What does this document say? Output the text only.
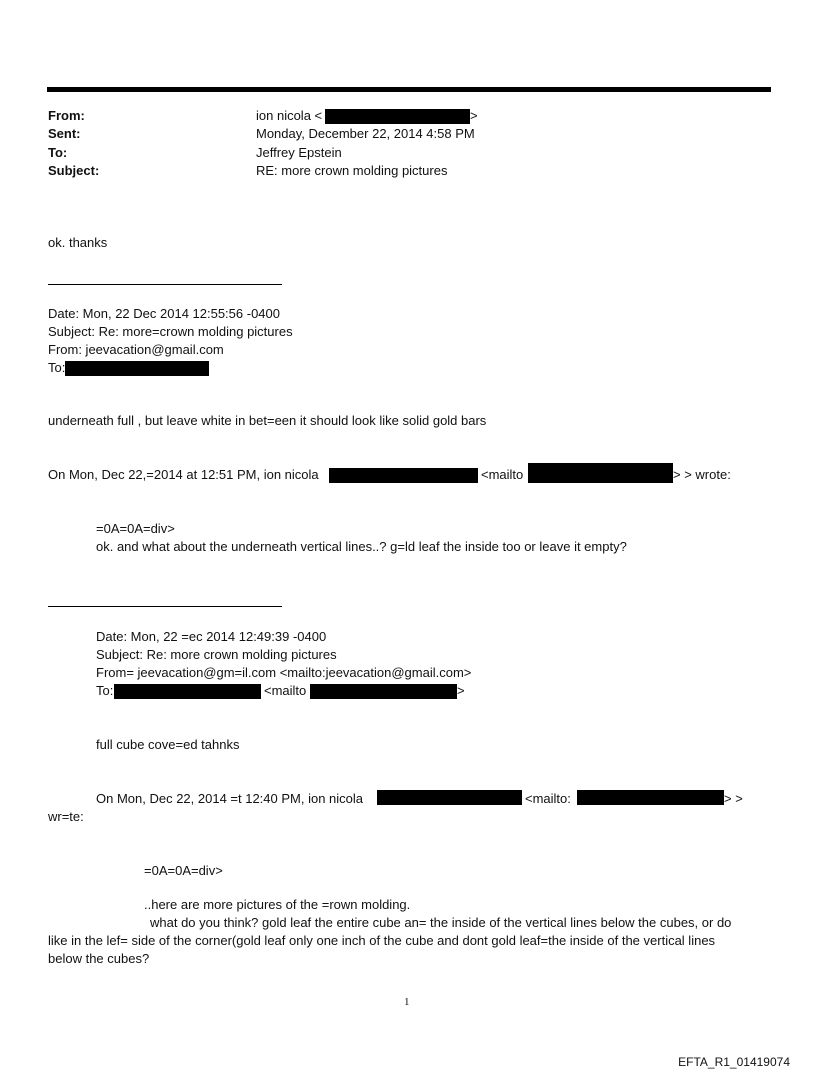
From:	ion nicola <	>
Sent:	Monday, December 22, 2014 4:58 PM
To:	Jeffrey Epstein
Subject:	RE: more crown molding pictures
ok. thanks
Date: Mon, 22 Dec 2014 12:55:56 -0400
Subject: Re: more=crown molding pictures
From: jeevacation@gmail.com
To:
underneath full , but leave white in bet=een it should look like solid gold bars
On Mon, Dec 22,=2014 at 12:51 PM, ion nicola	<mailto	> > wrote:
=0A=0A=div>
ok. and what about the underneath vertical lines..? g=ld leaf the inside too or leave it empty?
Date: Mon, 22 =ec 2014 12:49:39 -0400
Subject: Re: more crown molding pictures
From= jeevacation@gm=il.com <mailto:jeevacation@gmail.com>
To:	<mailto	>
full cube cove=ed tahnks
On Mon, Dec 22, 2014 =t 12:40 PM, ion nicola	<mailto:	> >
wr=te:
=0A=0A=div>
..here are more pictures of the =rown molding.
what do you think? gold leaf the entire cube an= the inside of the vertical lines below the cubes, or do
like in the lef= side of the corner(gold leaf only one inch of the cube and dont gold leaf=the inside of the vertical lines
below the cubes?
1
EFTA_R1_01419074
